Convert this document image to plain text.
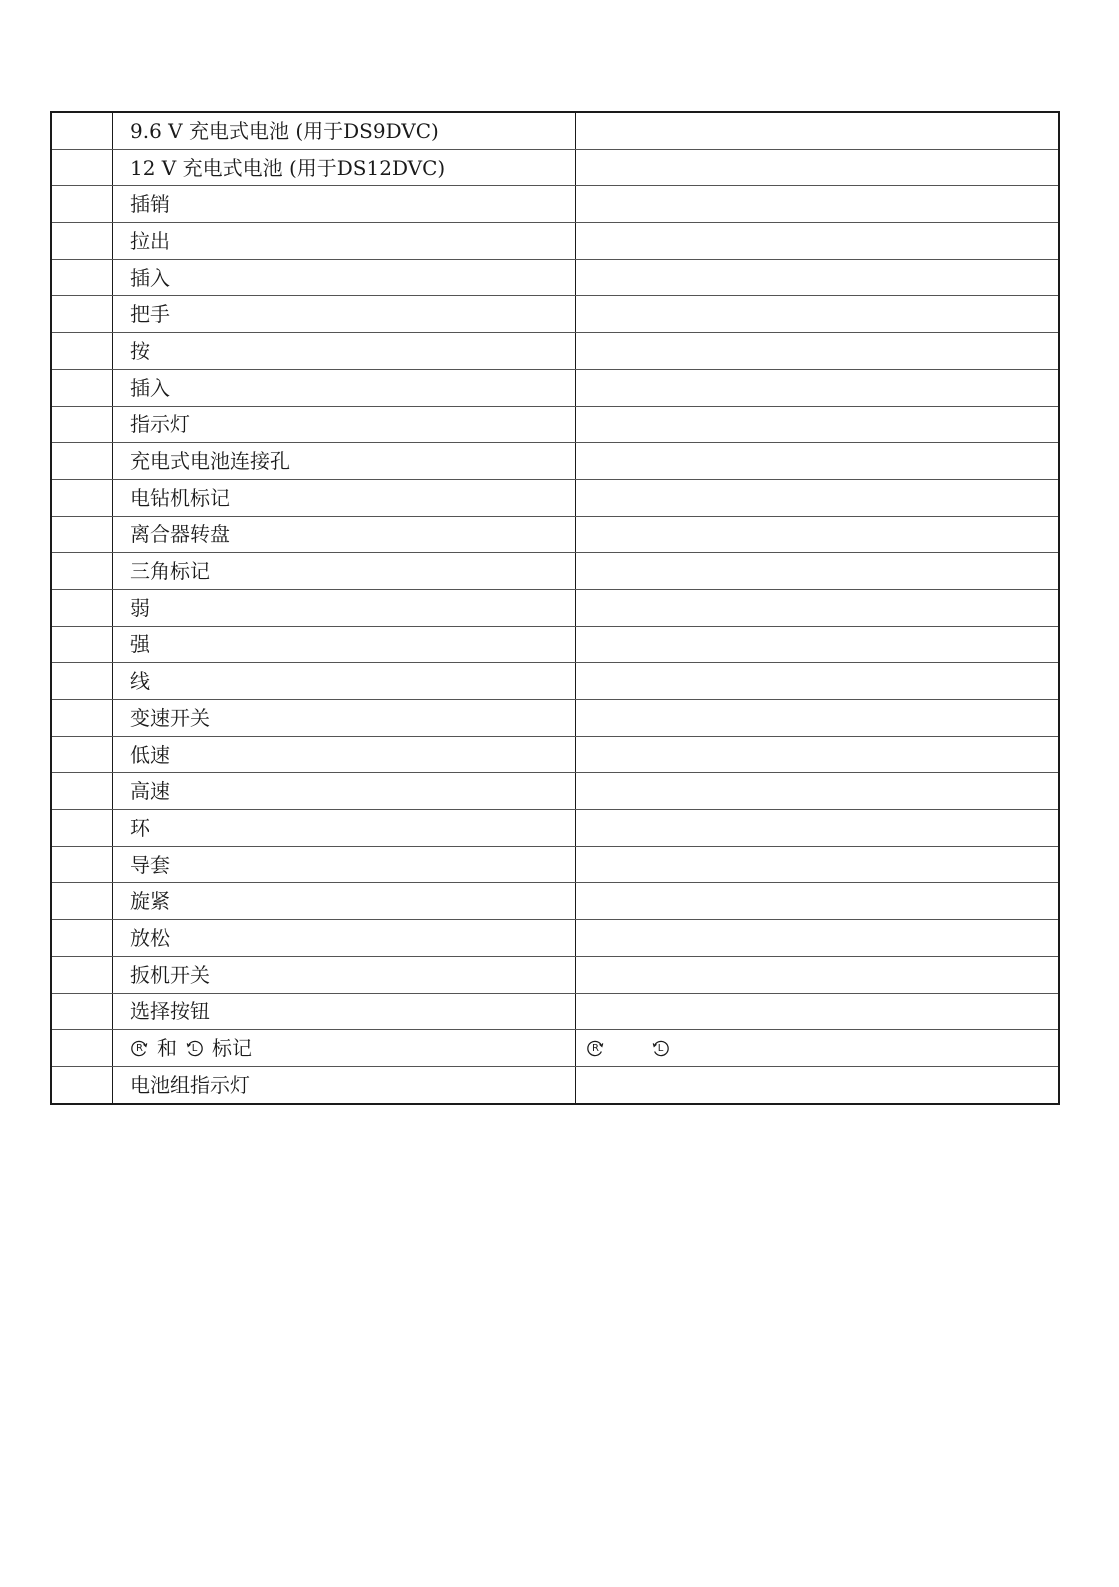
	9.6 V 充电式电池 (用于DS9DVC)	
	12 V 充电式电池 (用于DS12DVC)	
	插销	
	拉出	
	插入	
	把手	
	按	
	插入	
	指示灯	
	充电式电池连接孔	
	电钻机标记	
	离合器转盘	
	三角标记	
	弱	
	强	
	线	
	变速开关	
	低速	
	高速	
	环	
	导套	
	旋紧	
	放松	
	扳机开关	
	选择按钮	

	R 和 L 标记	R L

	电池组指示灯	
